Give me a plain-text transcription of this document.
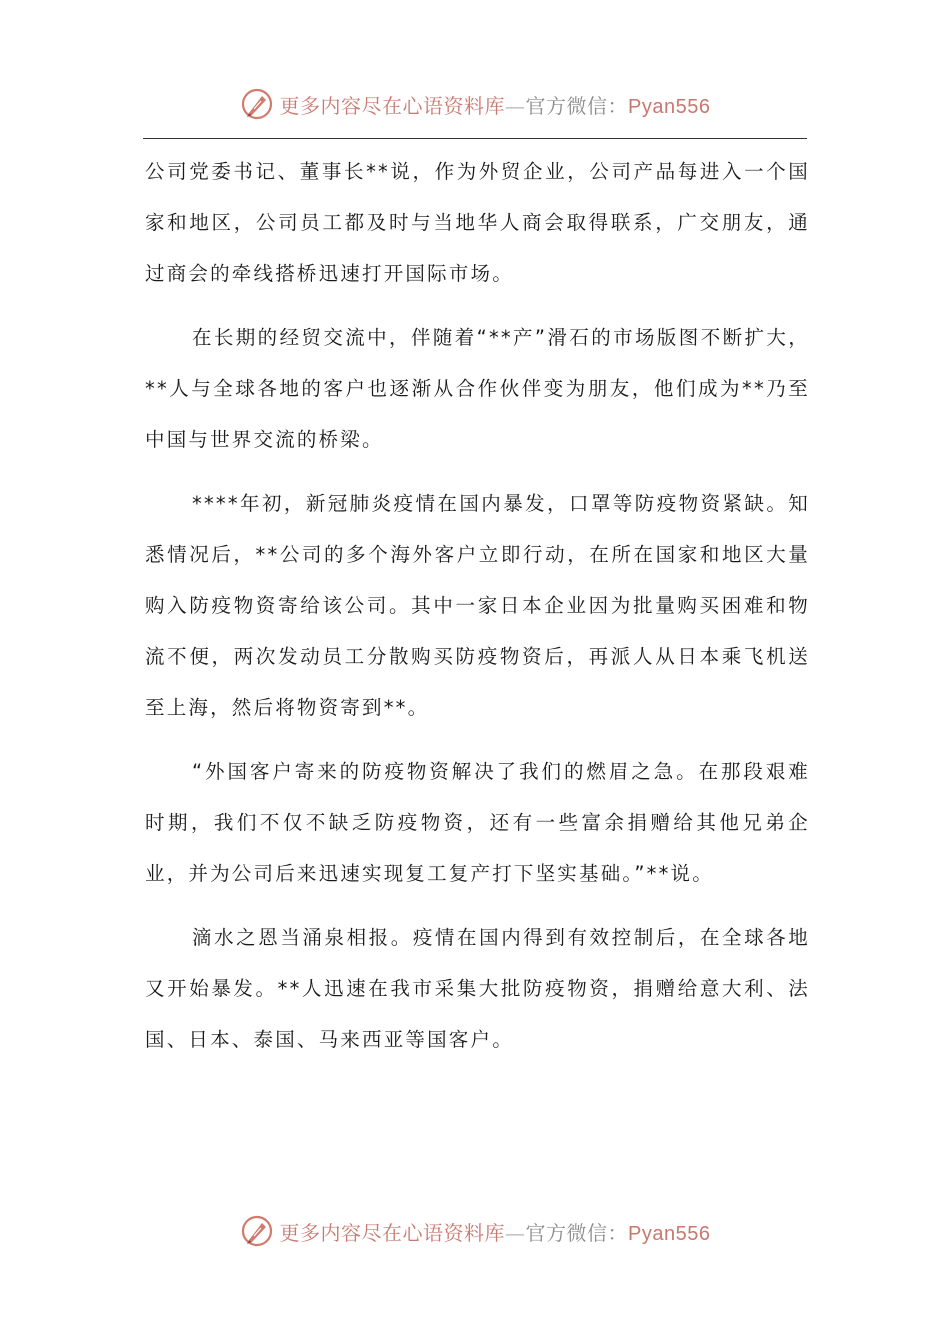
更多内容尽在心语资料库—官方微信：Pyan556

公司党委书记、董事长**说，作为外贸企业，公司产品每进入一个国家和地区，公司员工都及时与当地华人商会取得联系，广交朋友，通过商会的牵线搭桥迅速打开国际市场。

在长期的经贸交流中，伴随着“**产”滑石的市场版图不断扩大，**人与全球各地的客户也逐渐从合作伙伴变为朋友，他们成为**乃至中国与世界交流的桥梁。

****年初，新冠肺炎疫情在国内暴发，口罩等防疫物资紧缺。知悉情况后，**公司的多个海外客户立即行动，在所在国家和地区大量购入防疫物资寄给该公司。其中一家日本企业因为批量购买困难和物流不便，两次发动员工分散购买防疫物资后，再派人从日本乘飞机送至上海，然后将物资寄到**。

“外国客户寄来的防疫物资解决了我们的燃眉之急。在那段艰难时期，我们不仅不缺乏防疫物资，还有一些富余捐赠给其他兄弟企业，并为公司后来迅速实现复工复产打下坚实基础。”**说。

滴水之恩当涌泉相报。疫情在国内得到有效控制后，在全球各地又开始暴发。**人迅速在我市采集大批防疫物资，捐赠给意大利、法国、日本、泰国、马来西亚等国客户。

更多内容尽在心语资料库—官方微信：Pyan556
